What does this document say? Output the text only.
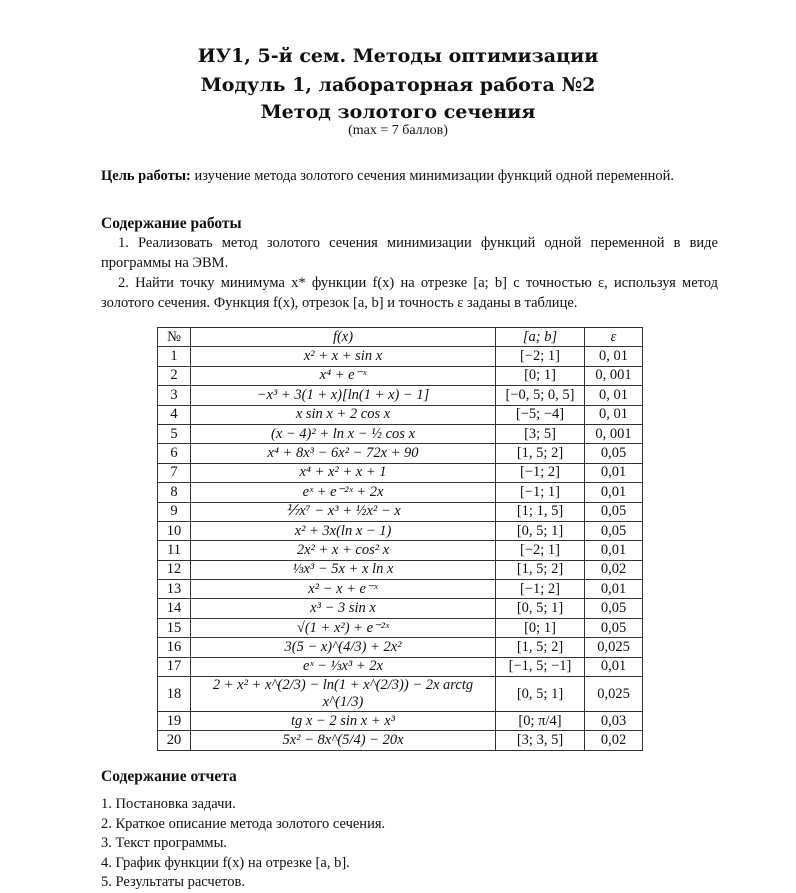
ИУ1, 5-й сем. Методы оптимизации
Модуль 1, лабораторная работа №2
Метод золотого сечения
(max = 7 баллов)
Цель работы: изучение метода золотого сечения минимизации функций одной переменной.
Содержание работы
1. Реализовать метод золотого сечения минимизации функций одной переменной в виде программы на ЭВМ.
2. Найти точку минимума x* функции f(x) на отрезке [a; b] с точностью ε, используя метод золотого сечения. Функция f(x), отрезок [a, b] и точность ε заданы в таблице.
№	f(x)	[a; b]	ε
1	x² + x + sin x	[−2; 1]	0, 01
2	x⁴ + e⁻ˣ	[0; 1]	0, 001
3	−x³ + 3(1 + x)[ln(1 + x) − 1]	[−0, 5; 0, 5]	0, 01
4	x sin x + 2 cos x	[−5; −4]	0, 01
5	(x − 4)² + ln x − ½ cos x	[3; 5]	0, 001
6	x⁴ + 8x³ − 6x² − 72x + 90	[1, 5; 2]	0,05
7	x⁴ + x² + x + 1	[−1; 2]	0,01
8	eˣ + e⁻²ˣ + 2x	[−1; 1]	0,01
9	⅐x⁷ − x³ + ½x² − x	[1; 1, 5]	0,05
10	x² + 3x(ln x − 1)	[0, 5; 1]	0,05
11	2x² + x + cos² x	[−2; 1]	0,01
12	⅓x³ − 5x + x ln x	[1, 5; 2]	0,02
13	x² − x + e⁻ˣ	[−1; 2]	0,01
14	x³ − 3 sin x	[0, 5; 1]	0,05
15	√(1 + x²) + e⁻²ˣ	[0; 1]	0,05
16	3(5 − x)^(4/3) + 2x²	[1, 5; 2]	0,025
17	eˣ − ⅓x³ + 2x	[−1, 5; −1]	0,01
18	2 + x² + x^(2/3) − ln(1 + x^(2/3)) − 2x arctg x^(1/3)	[0, 5; 1]	0,025
19	tg x − 2 sin x + x³	[0; π/4]	0,03
20	5x² − 8x^(5/4) − 20x	[3; 3, 5]	0,02
Содержание отчета
1. Постановка задачи.
2. Краткое описание метода золотого сечения.
3. Текст программы.
4. График функции f(x) на отрезке [a, b].
5. Результаты расчетов.
